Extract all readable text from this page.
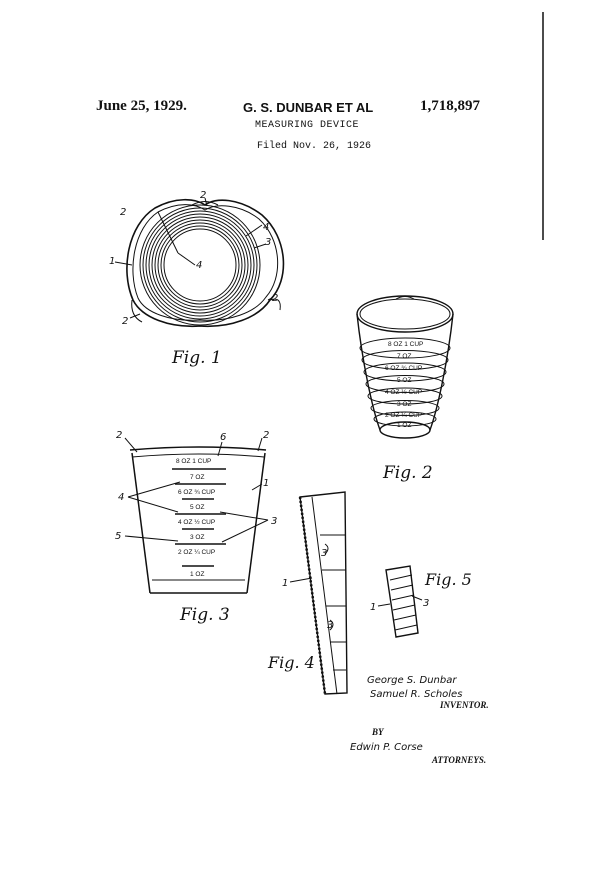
June 25, 1929.	G. S. DUNBAR ET AL	1,718,897
MEASURING DEVICE
Filed Nov. 26, 1926
2
2
2
1
4
3
4
2
Fig. 1
8 OZ 1 CUP
7 OZ
6 OZ ¾ CUP
5 OZ
4 OZ ½ CUP
3 OZ
2 OZ ¼ CUP
1 OZ
Fig. 2
8 OZ 1 CUP
7 OZ
6 OZ ¾ CUP
5 OZ
4 OZ ½ CUP
3 OZ
2 OZ ¼ CUP
1 OZ
2	6	2
1
4
3
5
Fig. 3
3
1
3
Fig. 4
1	3
Fig. 5
George S. Dunbar
Samuel R. Scholes
INVENTOR.
BY
Edwin P. Corse
ATTORNEYS.
